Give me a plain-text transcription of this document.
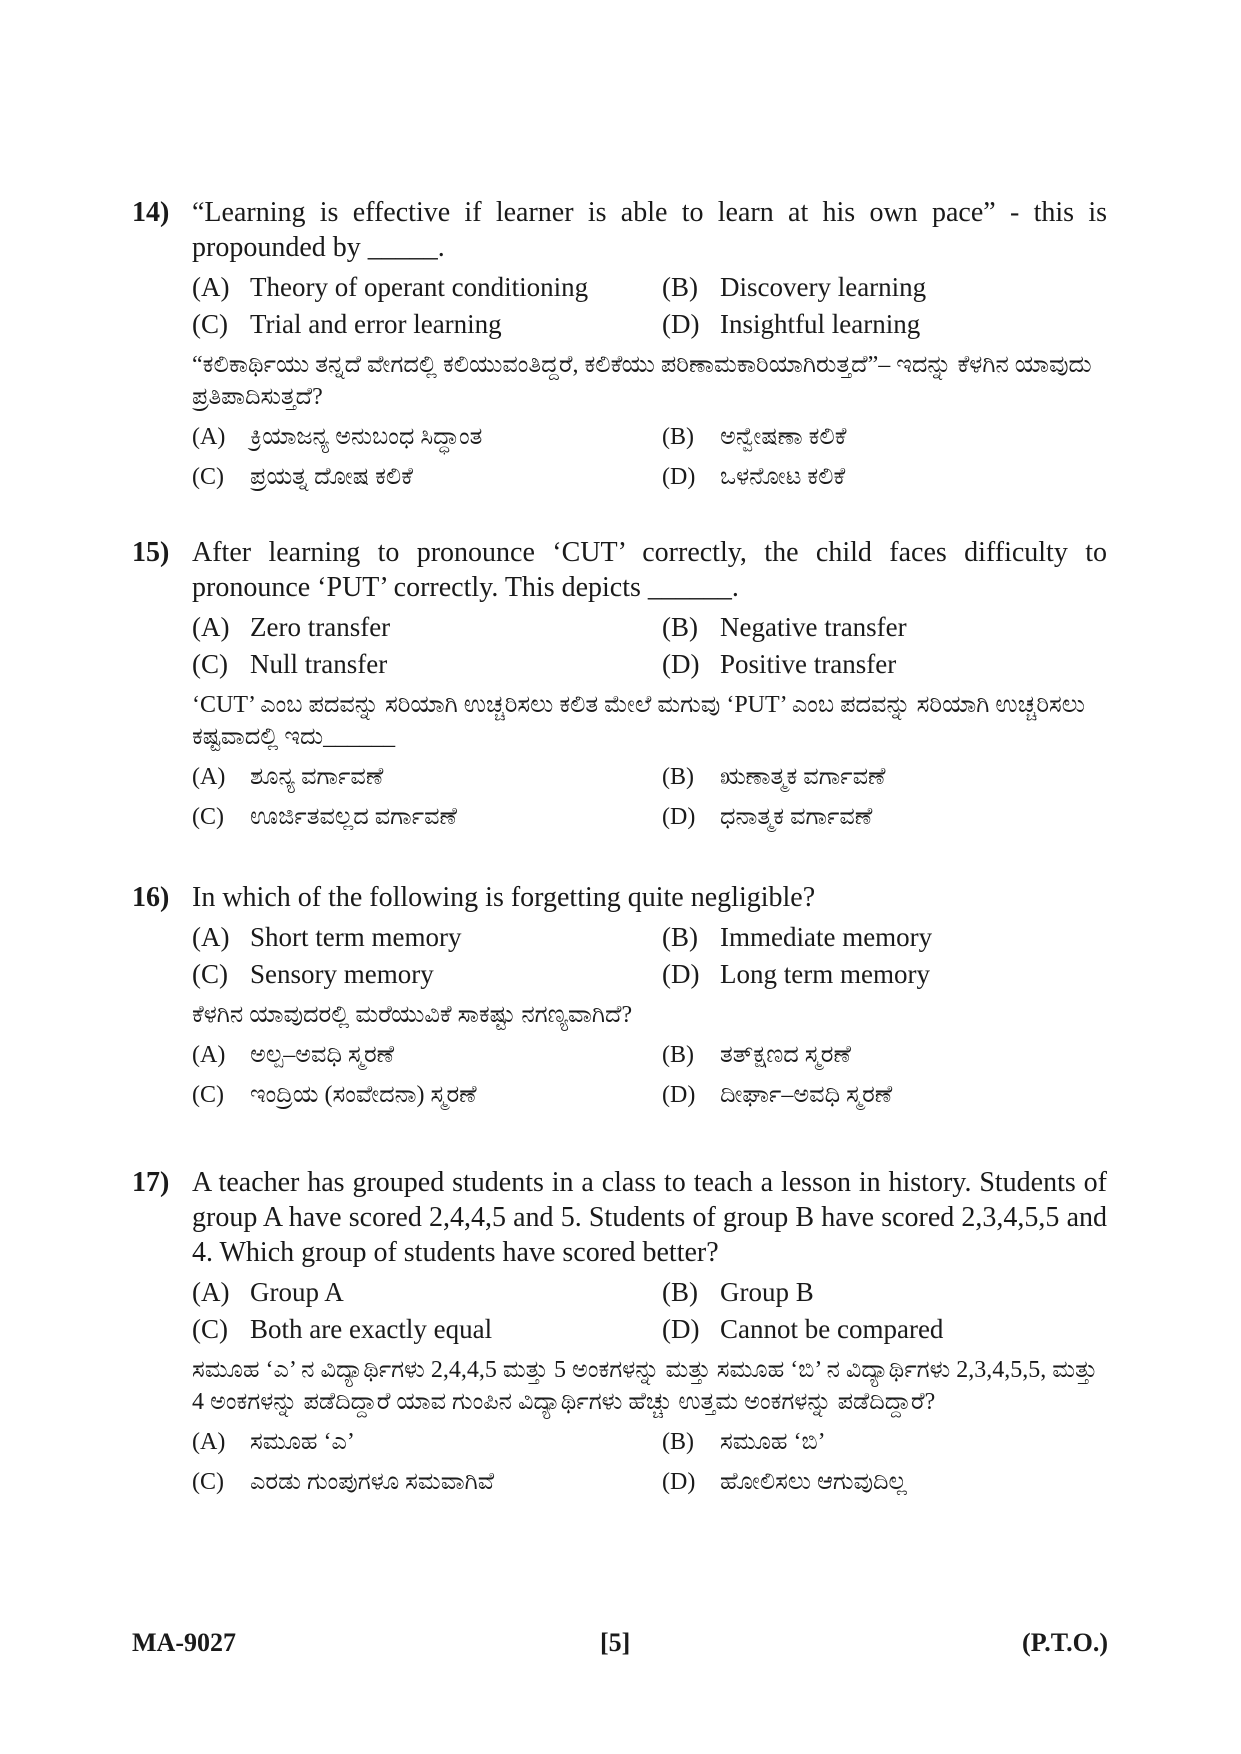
14) “Learning is effective if learner is able to learn at his own pace” - this is propounded by _____.

(A) Theory of operant conditioning	(B) Discovery learning
(C) Trial and error learning	(D) Insightful learning

“ಕಲಿಕಾರ್ಥಿಯು ತನ್ನದೆ ವೇಗದಲ್ಲಿ ಕಲಿಯುವಂತಿದ್ದರೆ, ಕಲಿಕೆಯು ಪರಿಣಾಮಕಾರಿಯಾಗಿರುತ್ತದೆ”– ಇದನ್ನು ಕೆಳಗಿನ ಯಾವುದು ಪ್ರತಿಪಾದಿಸುತ್ತದೆ?

(A) ಕ್ರಿಯಾಜನ್ಯ ಅನುಬಂಧ ಸಿದ್ಧಾಂತ	(B) ಅನ್ವೇಷಣಾ ಕಲಿಕೆ
(C) ಪ್ರಯತ್ನ ದೋಷ ಕಲಿಕೆ	(D) ಒಳನೋಟ ಕಲಿಕೆ
15) After learning to pronounce ‘CUT’ correctly, the child faces difficulty to pronounce ‘PUT’ correctly. This depicts ______.

(A) Zero transfer	(B) Negative transfer
(C) Null transfer	(D) Positive transfer

‘CUT’ ಎಂಬ ಪದವನ್ನು ಸರಿಯಾಗಿ ಉಚ್ಚರಿಸಲು ಕಲಿತ ಮೇಲೆ ಮಗುವು ‘PUT’ ಎಂಬ ಪದವನ್ನು ಸರಿಯಾಗಿ ಉಚ್ಚರಿಸಲು ಕಷ್ಟವಾದಲ್ಲಿ ಇದು______

(A) ಶೂನ್ಯ ವರ್ಗಾವಣೆ	(B) ಋಣಾತ್ಮಕ ವರ್ಗಾವಣೆ
(C) ಊರ್ಜಿತವಲ್ಲದ ವರ್ಗಾವಣೆ	(D) ಧನಾತ್ಮಕ ವರ್ಗಾವಣೆ
16) In which of the following is forgetting quite negligible?

(A) Short term memory	(B) Immediate memory
(C) Sensory memory	(D) Long term memory

ಕೆಳಗಿನ ಯಾವುದರಲ್ಲಿ ಮರೆಯುವಿಕೆ ಸಾಕಷ್ಟು ನಗಣ್ಯವಾಗಿದೆ?

(A) ಅಲ್ಪ–ಅವಧಿ ಸ್ಮರಣೆ	(B) ತತ್‍ಕ್ಷಣದ ಸ್ಮರಣೆ
(C) ಇಂದ್ರಿಯ (ಸಂವೇದನಾ) ಸ್ಮರಣೆ	(D) ದೀರ್ಘಾ–ಅವಧಿ ಸ್ಮರಣೆ
17) A teacher has grouped students in a class to teach a lesson in history. Students of group A have scored 2,4,4,5 and 5. Students of group B have scored 2,3,4,5,5 and 4. Which group of students have scored better?

(A) Group A	(B) Group B
(C) Both are exactly equal	(D) Cannot be compared

ಸಮೂಹ ‘ಎ’ ನ ವಿದ್ಯಾರ್ಥಿಗಳು 2,4,4,5 ಮತ್ತು 5 ಅಂಕಗಳನ್ನು ಮತ್ತು ಸಮೂಹ ‘ಬಿ’ ನ ವಿದ್ಯಾರ್ಥಿಗಳು 2,3,4,5,5, ಮತ್ತು 4 ಅಂಕಗಳನ್ನು ಪಡೆದಿದ್ದಾರೆ ಯಾವ ಗುಂಪಿನ ವಿದ್ಯಾರ್ಥಿಗಳು ಹೆಚ್ಚು ಉತ್ತಮ ಅಂಕಗಳನ್ನು ಪಡೆದಿದ್ದಾರೆ?

(A) ಸಮೂಹ ‘ಎ’	(B) ಸಮೂಹ ‘ಬಿ’
(C) ಎರಡು ಗುಂಪುಗಳೂ ಸಮವಾಗಿವೆ	(D) ಹೋಲಿಸಲು ಆಗುವುದಿಲ್ಲ
MA-9027	[5]	(P.T.O.)
